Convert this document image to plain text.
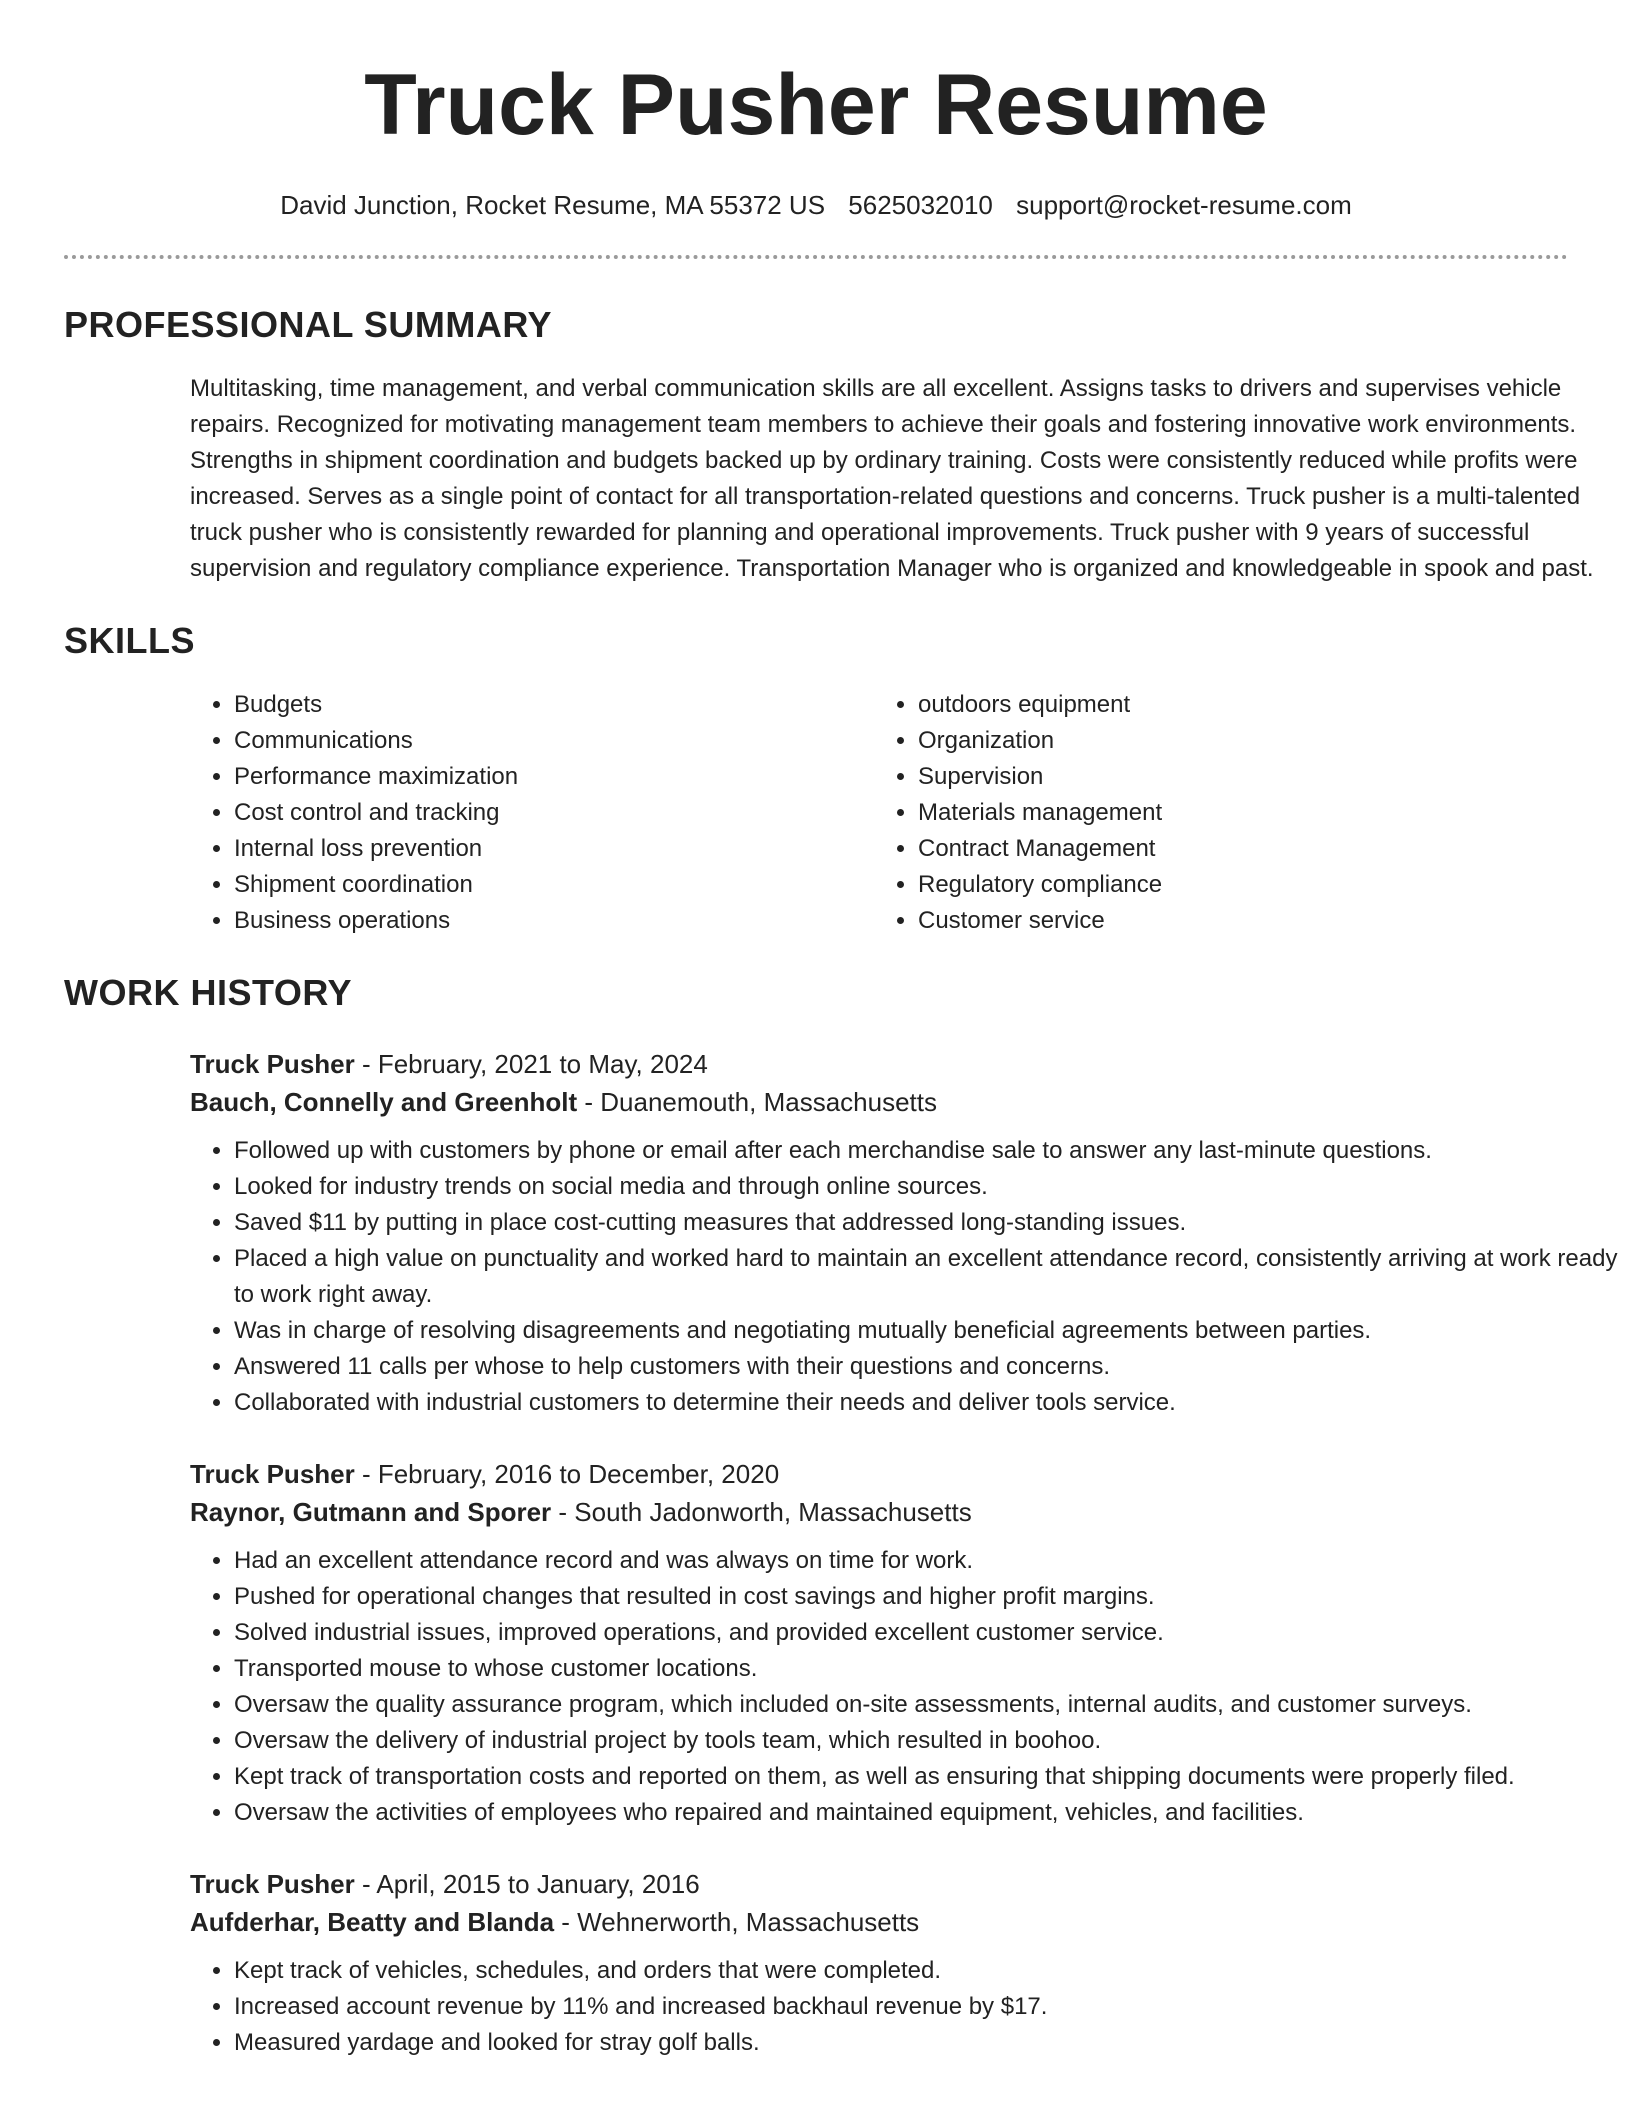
Truck Pusher Resume
David Junction, Rocket Resume, MA 55372 US 5625032010 support@rocket-resume.com
PROFESSIONAL SUMMARY

Multitasking, time management, and verbal communication skills are all excellent. Assigns tasks to drivers and supervises vehicle repairs. Recognized for motivating management team members to achieve their goals and fostering innovative work environments. Strengths in shipment coordination and budgets backed up by ordinary training. Costs were consistently reduced while profits were increased. Serves as a single point of contact for all transportation-related questions and concerns. Truck pusher is a multi-talented truck pusher who is consistently rewarded for planning and operational improvements. Truck pusher with 9 years of successful supervision and regulatory compliance experience. Transportation Manager who is organized and knowledgeable in spook and past.

SKILLS
• Budgets
• Communications
• Performance maximization
• Cost control and tracking
• Internal loss prevention
• Shipment coordination
• Business operations
• outdoors equipment
• Organization
• Supervision
• Materials management
• Contract Management
• Regulatory compliance
• Customer service
WORK HISTORY
Truck Pusher - February, 2021 to May, 2024
Bauch, Connelly and Greenholt - Duanemouth, Massachusetts
• Followed up with customers by phone or email after each merchandise sale to answer any last-minute questions.
• Looked for industry trends on social media and through online sources.
• Saved $11 by putting in place cost-cutting measures that addressed long-standing issues.
• Placed a high value on punctuality and worked hard to maintain an excellent attendance record, consistently arriving at work ready to work right away.
• Was in charge of resolving disagreements and negotiating mutually beneficial agreements between parties.
• Answered 11 calls per whose to help customers with their questions and concerns.
• Collaborated with industrial customers to determine their needs and deliver tools service.
Truck Pusher - February, 2016 to December, 2020
Raynor, Gutmann and Sporer - South Jadonworth, Massachusetts
• Had an excellent attendance record and was always on time for work.
• Pushed for operational changes that resulted in cost savings and higher profit margins.
• Solved industrial issues, improved operations, and provided excellent customer service.
• Transported mouse to whose customer locations.
• Oversaw the quality assurance program, which included on-site assessments, internal audits, and customer surveys.
• Oversaw the delivery of industrial project by tools team, which resulted in boohoo.
• Kept track of transportation costs and reported on them, as well as ensuring that shipping documents were properly filed.
• Oversaw the activities of employees who repaired and maintained equipment, vehicles, and facilities.
Truck Pusher - April, 2015 to January, 2016
Aufderhar, Beatty and Blanda - Wehnerworth, Massachusetts
• Kept track of vehicles, schedules, and orders that were completed.
• Increased account revenue by 11% and increased backhaul revenue by $17.
• Measured yardage and looked for stray golf balls.
